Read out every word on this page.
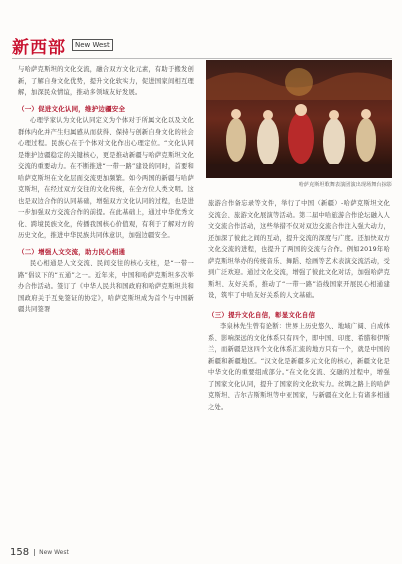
新西部	New West
哈萨克斯坦歌舞表演团演出现场舞台掠影

与哈萨克斯坦的文化交流，融合双方文化元素，有助于搬发创新，了解自身文化优势，提升文化软实力，促进国家间相互理解，加深民众情谊，推动多领域友好发展。

（一）促进文化认同，维护边疆安全

心理学家认为文化认同定义为个体对于所属文化以及文化群体内化并产生归属感从而获得、保持与创新自身文化的社会心理过程。民族心在于个体对文化作出心理定位。“文化认同是维护边疆稳定的关键核心，更是推动新疆与哈萨克斯坦文化交流的重要动力。在不断推进“一带一路”建设的同时，首要和哈萨克斯坦在文化层面交流更加频繁。如今两国的新疆与哈萨克斯坦，在经过双方交往的文化传统，在全方位人类文明。这也是双边合作的认同基础，增强双方文化认同的过程，也是进一步加强双方交流合作的前提。在此基础上，通过中华优秀文化、跨境民族文化，传播我国核心价值观，有利于了解对方的历史文化，推进中华民族共同体意识，加强边疆安全。

（二）增强人文交流，助力民心相通

民心相通是人文交流、民间交往的核心支柱，是“一带一路”倡议下的“五通”之一。近年来，中国和哈萨克斯坦多次举办合作活动。签订了《中华人民共和国政府和哈萨克斯坦共和国政府关于互免签证的协定》，哈萨克斯坦成为首个与中国新疆共同签署

旅游合作备忘录等文件，举行了中国（新疆）-哈萨克斯坦文化交流会、旅游文化展演等活动。第二届中哈旅游合作论坛融入人文交流合作活动，这些举措不仅对双边交流合作注入强大动力，还加深了彼此之间的互动，提升交流的深度与广度。还加快双方文化交流的进程，也提升了两国的交流与合作。例如2019年哈萨克斯坦举办的传统音乐、舞蹈、绘画等艺术表演交流活动，受到广泛欢迎。通过文化交流，增强了彼此文化对话，加强哈萨克斯坦、友好关系，推动了“一带一路”沿线国家开展民心相通建设，筑牢了中哈友好关系的人文基础。

（三）提升文化自信，彰显文化自信

李泉林先生曾有论断：世界上历史悠久、地域广阔、自成体系、影响深远的文化体系只有四个，即中国、印度、希腊和伊斯兰，而新疆是这四个文化体系汇流的地方只有一个，就是中国的新疆和新疆地区。“汉文化是新疆多元文化的核心，新疆文化是中华文化的重要组成部分。”在文化交流、交融的过程中，增强了国家文化认同，提升了国家的文化软实力。丝绸之路上的哈萨克斯坦、吉尔吉斯斯坦等中亚国家，与新疆在文化上有诸多相通之处。

158	New West
